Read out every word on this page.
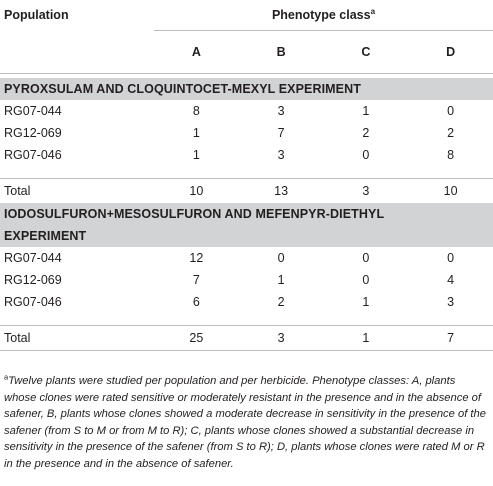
Population	Phenotype class$^a$
	A	B	C	D

PYROXSULAM AND CLOQUINTOCET-MEXYL EXPERIMENT				
RG07-044	8	3	1	0
RG12-069	1	7	2	2
RG07-046	1	3	0	8

Total	10	13	3	10
IODOSULFURON+MESOSULFURON AND MEFENPYR-DIETHYL
EXPERIMENT				
RG07-044	12	0	0	0
RG12-069	7	1	0	4
RG07-046	6	2	1	3

Total	25	3	1	7
$^a$Twelve plants were studied per population and per herbicide. Phenotype classes: A, plants whose clones were rated sensitive or moderately resistant in the presence and in the absence of safener, B, plants whose clones showed a moderate decrease in sensitivity in the presence of the safener (from S to M or from M to R); C, plants whose clones showed a substantial decrease in sensitivity in the presence of the safener (from S to R); D, plants whose clones were rated M or R in the presence and in the absence of safener.
